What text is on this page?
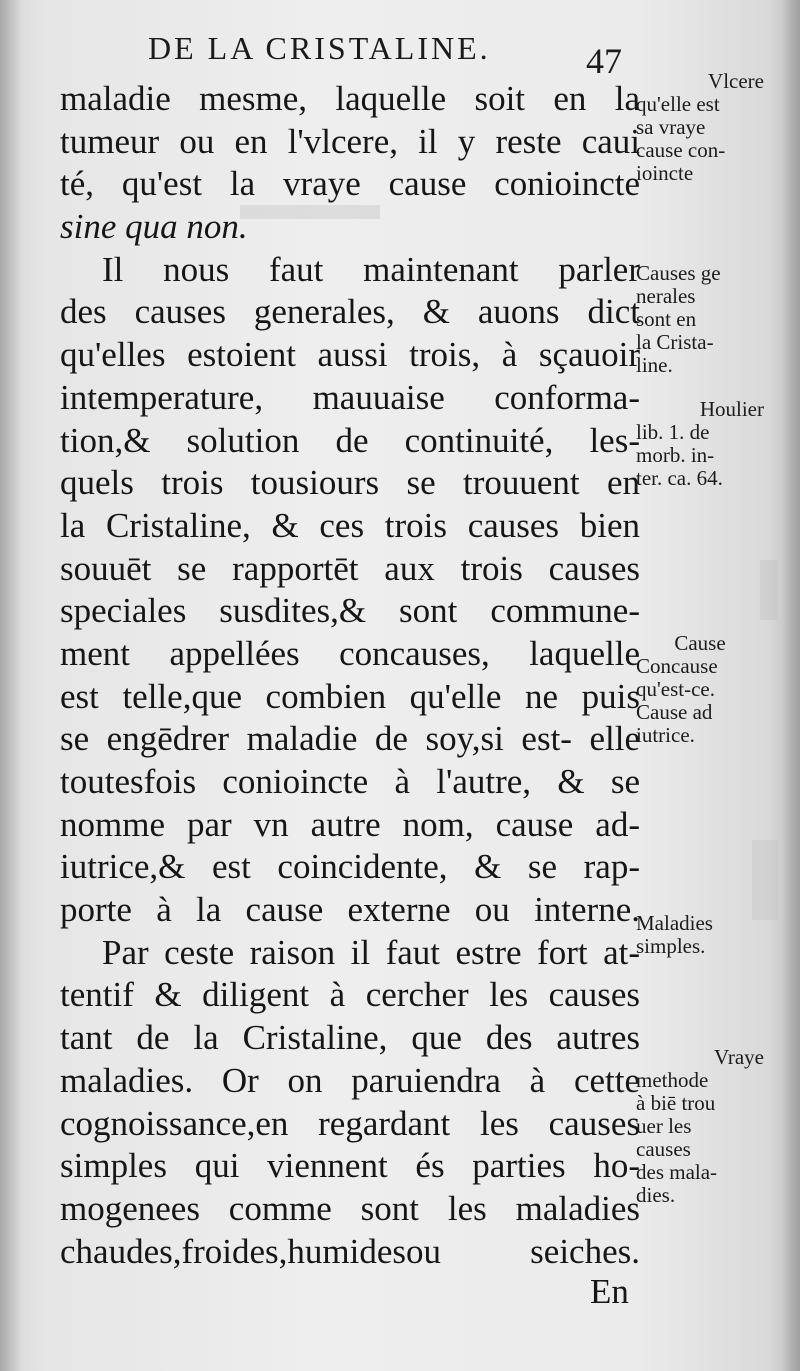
DE LA CRISTALINE.	47
maladie mesme, laquelle soit en la
tumeur ou en l'vlcere, il y reste caui
té, qu'est la vraye cause conioincte
sine qua non.
Il nous faut maintenant parler
des causes generales, & auons dict
qu'elles estoient aussi trois, à sçauoir
intemperature, mauuaise conforma-
tion,& solution de continuité, les-
quels trois tousiours se trouuent en
la Cristaline, & ces trois causes bien
souuēt se rapportēt aux trois causes
speciales susdites,& sont commune-
ment appellées concauses, laquelle
est telle,que combien qu'elle ne puis
se engēdrer maladie de soy,si est- elle
toutesfois conioincte à l'autre, & se
nomme par vn autre nom, cause ad-
iutrice,& est coincidente, & se rap-
porte à la cause externe ou interne.
Par ceste raison il faut estre fort at-
tentif & diligent à cercher les causes
tant de la Cristaline, que des autres
maladies. Or on paruiendra à cette
cognoissance,en regardant les causes
simples qui viennent és parties ho-
mogenees comme sont les maladies
chaudes,froides,humidesou seiches.
En
Vlcere
qu'elle est
sa vraye
cause con-
ioincte
Causes ge
nerales
sont en
la Crista-
line.
Houlier
lib. 1. de
morb. in-
ter. ca. 64.
Cause
Concause
qu'est-ce.
Cause ad
iutrice.
Maladies
simples.
Vraye
methode
à biē trou
uer les
causes
des mala-
dies.
